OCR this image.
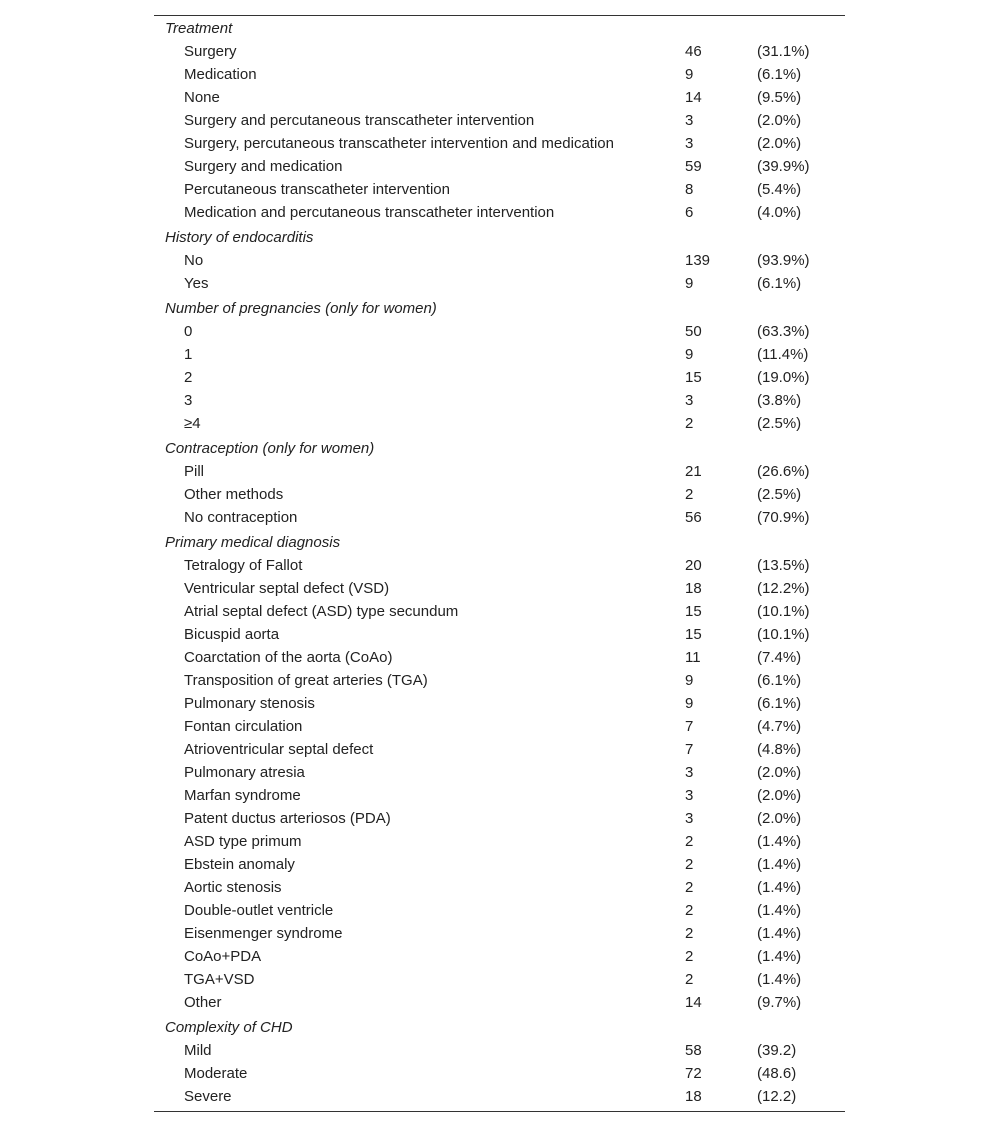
Treatment
Surgery	46	(31.1%)
Medication	9	(6.1%)
None	14	(9.5%)
Surgery and percutaneous transcatheter intervention	3	(2.0%)
Surgery, percutaneous transcatheter intervention and medication	3	(2.0%)
Surgery and medication	59	(39.9%)
Percutaneous transcatheter intervention	8	(5.4%)
Medication and percutaneous transcatheter intervention	6	(4.0%)
History of endocarditis
No	139	(93.9%)
Yes	9	(6.1%)
Number of pregnancies (only for women)
0	50	(63.3%)
1	9	(11.4%)
2	15	(19.0%)
3	3	(3.8%)
≥4	2	(2.5%)
Contraception (only for women)
Pill	21	(26.6%)
Other methods	2	(2.5%)
No contraception	56	(70.9%)
Primary medical diagnosis
Tetralogy of Fallot	20	(13.5%)
Ventricular septal defect (VSD)	18	(12.2%)
Atrial septal defect (ASD) type secundum	15	(10.1%)
Bicuspid aorta	15	(10.1%)
Coarctation of the aorta (CoAo)	11	(7.4%)
Transposition of great arteries (TGA)	9	(6.1%)
Pulmonary stenosis	9	(6.1%)
Fontan circulation	7	(4.7%)
Atrioventricular septal defect	7	(4.8%)
Pulmonary atresia	3	(2.0%)
Marfan syndrome	3	(2.0%)
Patent ductus arteriosos (PDA)	3	(2.0%)
ASD type primum	2	(1.4%)
Ebstein anomaly	2	(1.4%)
Aortic stenosis	2	(1.4%)
Double-outlet ventricle	2	(1.4%)
Eisenmenger syndrome	2	(1.4%)
CoAo+PDA	2	(1.4%)
TGA+VSD	2	(1.4%)
Other	14	(9.7%)
Complexity of CHD
Mild	58	(39.2)
Moderate	72	(48.6)
Severe	18	(12.2)
